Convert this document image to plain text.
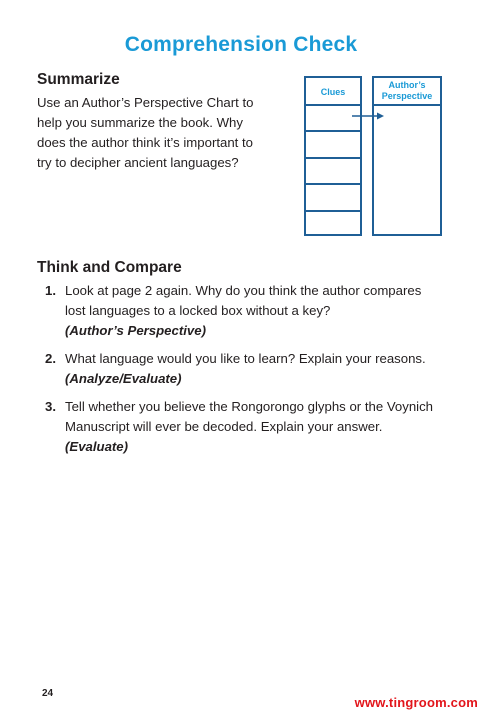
Comprehension Check
Summarize
Use an Author’s Perspective Chart to help you summarize the book. Why does the author think it’s important to try to decipher ancient languages?
Clues
Author’s
Perspective
Think and Compare
1. Look at page 2 again. Why do you think the author compares lost languages to a locked box without a key?
(Author’s Perspective)
2. What language would you like to learn? Explain your reasons. (Analyze/Evaluate)
3. Tell whether you believe the Rongorongo glyphs or the Voynich Manuscript will ever be decoded. Explain your answer. (Evaluate)
24
www.tingroom.com
